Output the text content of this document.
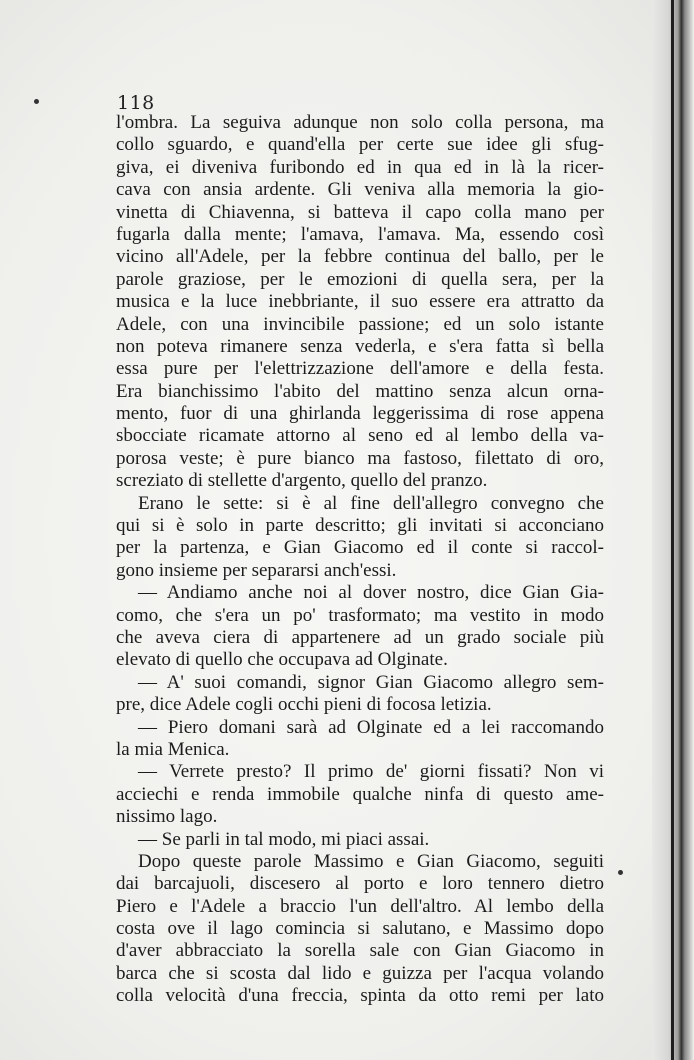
118
l'ombra. La seguiva adunque non solo colla persona, ma
collo sguardo, e quand'ella per certe sue idee gli sfug-
giva, ei diveniva furibondo ed in qua ed in là la ricer-
cava con ansia ardente. Gli veniva alla memoria la gio-
vinetta di Chiavenna, si batteva il capo colla mano per
fugarla dalla mente; l'amava, l'amava. Ma, essendo così
vicino all'Adele, per la febbre continua del ballo, per le
parole graziose, per le emozioni di quella sera, per la
musica e la luce inebbriante, il suo essere era attratto da
Adele, con una invincibile passione; ed un solo istante
non poteva rimanere senza vederla, e s'era fatta sì bella
essa pure per l'elettrizzazione dell'amore e della festa.
Era bianchissimo l'abito del mattino senza alcun orna-
mento, fuor di una ghirlanda leggerissima di rose appena
sbocciate ricamate attorno al seno ed al lembo della va-
porosa veste; è pure bianco ma fastoso, filettato di oro,
screziato di stellette d'argento, quello del pranzo.
Erano le sette: si è al fine dell'allegro convegno che
qui si è solo in parte descritto; gli invitati si acconciano
per la partenza, e Gian Giacomo ed il conte si raccol-
gono insieme per separarsi anch'essi.
— Andiamo anche noi al dover nostro, dice Gian Gia-
como, che s'era un po' trasformato; ma vestito in modo
che aveva ciera di appartenere ad un grado sociale più
elevato di quello che occupava ad Olginate.
— A' suoi comandi, signor Gian Giacomo allegro sem-
pre, dice Adele cogli occhi pieni di focosa letizia.
— Piero domani sarà ad Olginate ed a lei raccomando
la mia Menica.
— Verrete presto? Il primo de' giorni fissati? Non vi
acciechi e renda immobile qualche ninfa di questo ame-
nissimo lago.
— Se parli in tal modo, mi piaci assai.
Dopo queste parole Massimo e Gian Giacomo, seguiti
dai barcajuoli, discesero al porto e loro tennero dietro
Piero e l'Adele a braccio l'un dell'altro. Al lembo della
costa ove il lago comincia si salutano, e Massimo dopo
d'aver abbracciato la sorella sale con Gian Giacomo in
barca che si scosta dal lido e guizza per l'acqua volando
colla velocità d'una freccia, spinta da otto remi per lato
